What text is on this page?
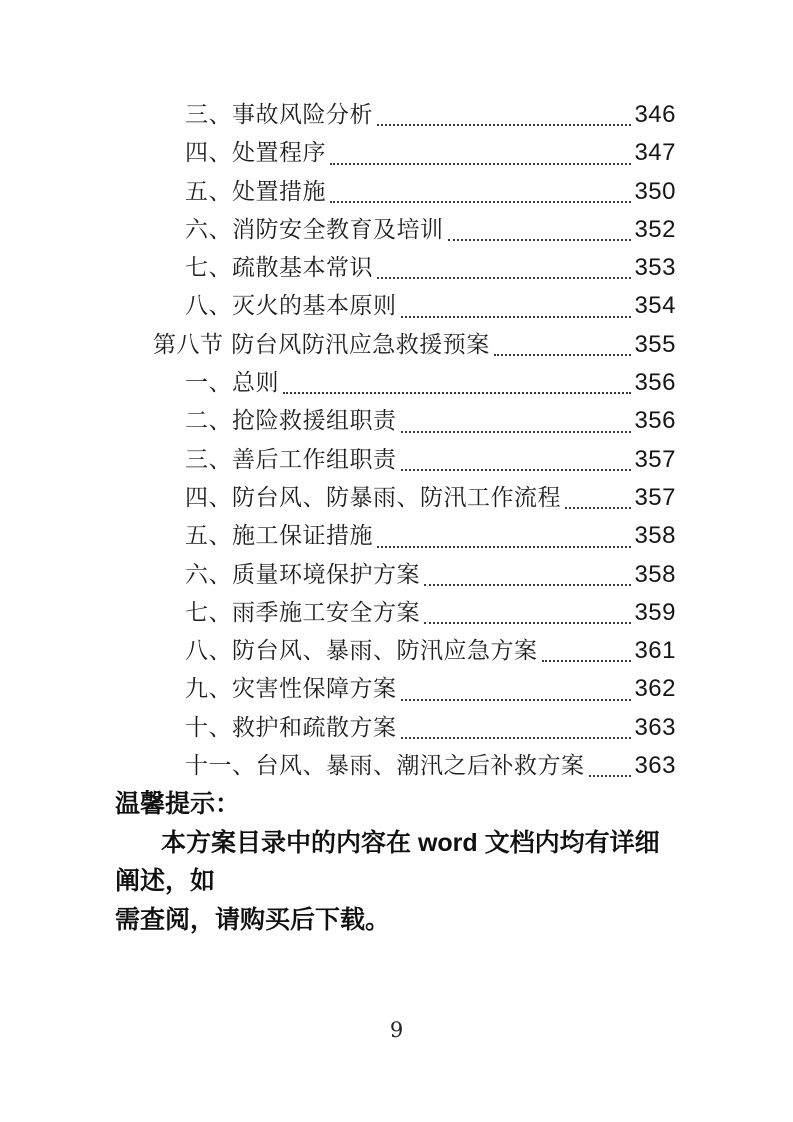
三、事故风险分析	346
四、处置程序	347
五、处置措施	350
六、消防安全教育及培训	352
七、疏散基本常识	353
八、灭火的基本原则	354
第八节 防台风防汛应急救援预案	355
一、总则	356
二、抢险救援组职责	356
三、善后工作组职责	357
四、防台风、防暴雨、防汛工作流程	357
五、施工保证措施	358
六、质量环境保护方案	358
七、雨季施工安全方案	359
八、防台风、暴雨、防汛应急方案	361
九、灾害性保障方案	362
十、救护和疏散方案	363
十一、台风、暴雨、潮汛之后补救方案 363
温馨提示：
本方案目录中的内容在 word 文档内均有详细阐述，如
需查阅，请购买后下载。
9
